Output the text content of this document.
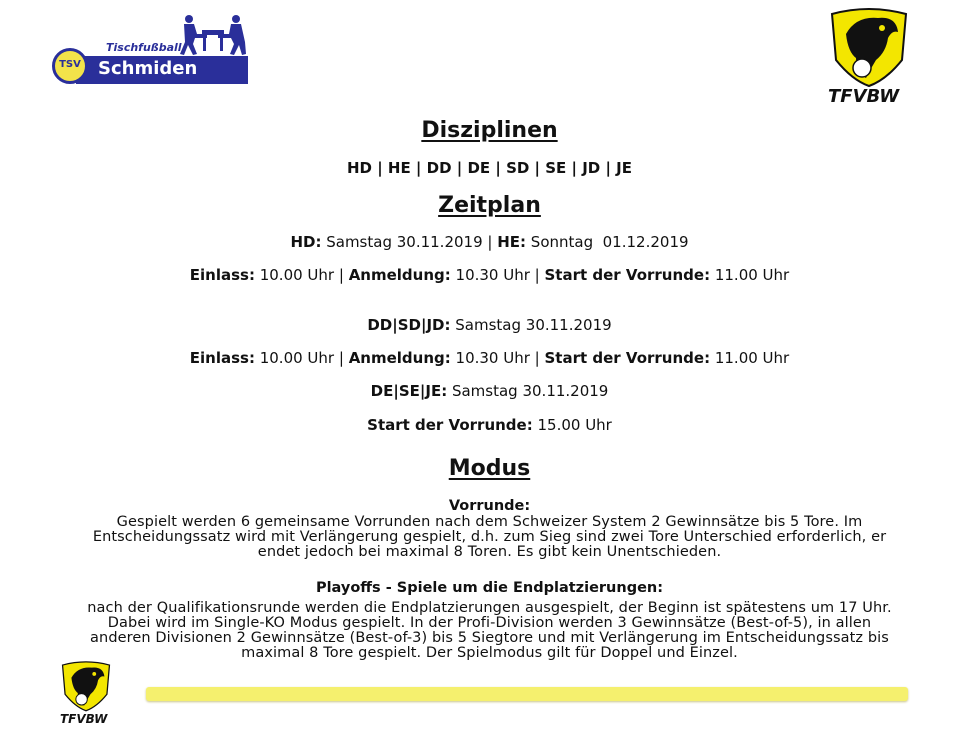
Tischfußball
Schmiden
TSV
TFVBW
Disziplinen
HD | HE | DD | DE | SD | SE | JD | JE
Zeitplan
HD: Samstag 30.11.2019 | HE: Sonntag  01.12.2019
Einlass: 10.00 Uhr | Anmeldung: 10.30 Uhr | Start der Vorrunde: 11.00 Uhr
DD|SD|JD: Samstag 30.11.2019
Einlass: 10.00 Uhr | Anmeldung: 10.30 Uhr | Start der Vorrunde: 11.00 Uhr
DE|SE|JE: Samstag 30.11.2019
Start der Vorrunde: 15.00 Uhr
Modus
Vorrunde:
Gespielt werden 6 gemeinsame Vorrunden nach dem Schweizer System 2 Gewinnsätze bis 5 Tore. Im
Entscheidungssatz wird mit Verlängerung gespielt, d.h. zum Sieg sind zwei Tore Unterschied erforderlich, er
endet jedoch bei maximal 8 Toren. Es gibt kein Unentschieden.
Playoffs - Spiele um die Endplatzierungen:
nach der Qualifikationsrunde werden die Endplatzierungen ausgespielt, der Beginn ist spätestens um 17 Uhr.
Dabei wird im Single-KO Modus gespielt. In der Profi-Division werden 3 Gewinnsätze (Best-of-5), in allen
anderen Divisionen 2 Gewinnsätze (Best-of-3) bis 5 Siegtore und mit Verlängerung im Entscheidungssatz bis
maximal 8 Tore gespielt. Der Spielmodus gilt für Doppel und Einzel.
TFVBW
